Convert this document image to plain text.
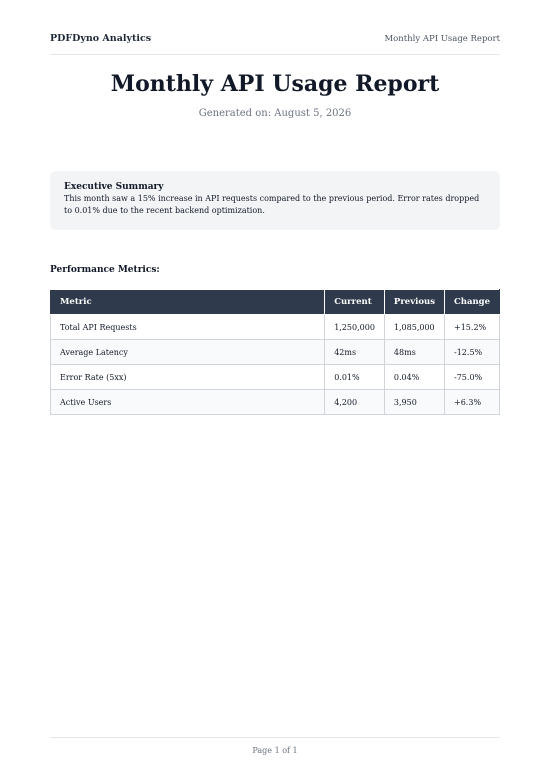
PDFDyno Analytics	Monthly API Usage Report
Monthly API Usage Report
Generated on: August 5, 2026
Executive Summary
This month saw a 15% increase in API requests compared to the previous period. Error rates dropped to 0.01% due to the recent backend optimization.
Performance Metrics:
Metric	Current	Previous	Change
Total API Requests	1,250,000	1,085,000	+15.2%
Average Latency	42ms	48ms	-12.5%
Error Rate (5xx)	0.01%	0.04%	-75.0%
Active Users	4,200	3,950	+6.3%
Page 1 of 1
